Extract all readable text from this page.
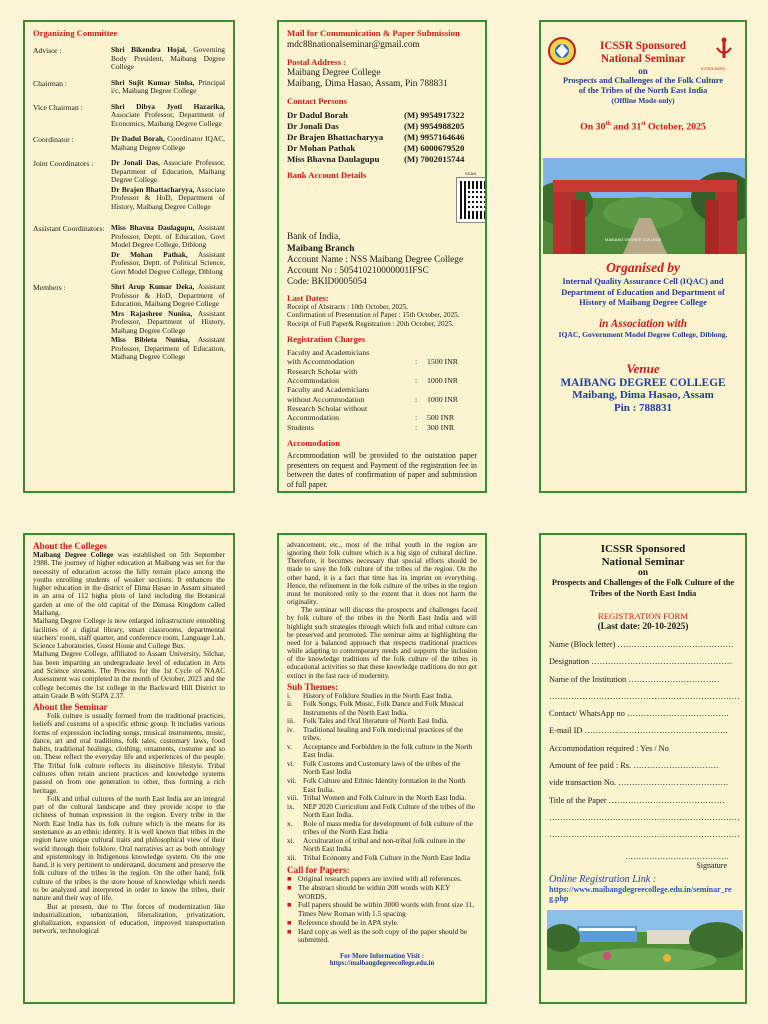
Organizing Committee
Advisor :	Shri Bikendra Hojai, Governing Body President, Maibang Degree College
Chairman :	Shri Sujit Kumar Sinha, Principal i/c, Maibang Degree College
Vice Chairman :	Shri Dibya Jyoti Hazarika, Associate Professor, Department of Economics, Maibang Degree College
Coordinator :	Dr Dadul Borah, Coordinator IQAC, Maibang Degree College
Joint Coordinators :	Dr Jonali Das, Associate Professor, Department of Education, Maibang Degree College
Dr Brajen Bhattacharyya, Associate Professor & HoD, Department of History, Maibang Degree College
Assistant Coordinators: Miss Bhavna Daulagupu, Assistant Professor, Deptt. of Education, Govt Model Degree College, Diblong
Dr Mohan Pathak, Assistant Professor, Deptt. of Political Science, Govt Model Degree College, Diblong
Members :	Shri Arup Kumar Deka, Assistant Professor & HoD, Department of Education, Maibang Degree College
Mrs Rajashree Nunisa, Assistant Professor, Department of History, Maibang Degree College
Miss Bibieta Nunisa, Assistant Professor, Department of Education, Maibang Degree College
Mail for Communication & Paper Submission
mdc88nationalseminar@gmail.com
Postal Address :
Maibang Degree College
Maibang, Dima Hasao, Assam, Pin 788831
Contact Persons
Dr Dadul Borah	(M) 9954917322
Dr Jonali Das	(M) 9954988205
Dr Brajen Bhattacharyya	(M) 9957164646
Dr Mohan Pathak	(M) 6000679520
Miss Bhavna Daulagupu	(M) 7002015744
Bank Account Details	SCAN
Bank of India,
Maibang Branch
Account Name : NSS Maibang Degree College
Account No : 505410210000001IFSC
Code: BKID0005054
Last Dates:
Receipt of Abstracts : 10th October, 2025.
Confirmation of Presentation of Paper : 15th October, 2025.
Receipt of Full Paper& Registration : 20th October, 2025.
Registration Charges
Faculty and Academicians
with Accommodation	:	1500 INR
Research Scholar with
Accommodation	:	1000 INR
Faculty and Academicians
without Accommodation	:	1000 INR
Research Scholar without
Accommodation	:	500 INR
Students	:	300 INR
Accomodation
Accommodation will be provided to the outstation paper presenters on request and Payment of the registration fee in between the dates of confirmation of paper and submission of full paper.
ICSSR-NERC
ICSSR Sponsored
National Seminar
on
Prospects and Challenges of the Folk Culture
of the Tribes of the North East India
(Offline Mode only)
On 30th and 31st October, 2025
MAIBANG DEGREE COLLEGE
Organised by
Internal Quality Assurance Cell (IQAC) and Department of Education and Department of History of Maibang Degree College
in Association with
IQAC, Government Model Degree College, Diblong.
Venue
MAIBANG DEGREE COLLEGE
Maibang, Dima Hasao, Assam
Pin : 788831
About the Colleges
Maibang Degree College was established on 5th September 1988. The journey of higher education at Maibang was set for the necessity of education across the hilly terrain place among the youths enrolling students of weaker sections. It enhances the higher education in the district of Dima Hasao in Assam situated in an area of 112 bigha plots of land including the Botanical garden at one of the old capital of the Dimasa Kingdom called Maibang.
Maibang Degree College is now enlarged infrastructure ennobling facilities of a digital library, smart classrooms, departmental teachers' room, staff quarter, and conference room, Language Lab, Science Laboratories, Guest House and College Bus.
Maibang Degree College, affiliated to Assam University, Silchar, has been imparting an undergraduate level of education in Arts and Science streams. The Process for the 1st Cycle of NAAC Assessment was completed in the month of October, 2023 and the college becomes the 1st college in the Backward Hill District to attain Grade B with SGPA 2.37.
About the Seminar
Folk culture is usually formed from the traditional practices, beliefs and customs of a specific ethnic group. It includes various forms of expression including songs, musical instruments, music, dance, art and oral traditions, folk tales, customary laws, food habits, traditional healings, clothing, ornaments, costume and so on. These reflect the everyday life and experiences of the people. The Tribal folk culture reflects its distinctive lifestyle. Tribal cultures often retain ancient practices and knowledge systems passed on from one generation to other, thus forming a rich heritage.
Folk and tribal cultures of the north East India are an integral part of the cultural landscape and they provide scope to the richness of human expression in the region. Every tribe in the North East India has its folk culture which is the means for its sustenance as an ethnic identity. It is well known that tribes in the region have unique cultural traits and philosophical view of their world through their folklore. Oral narratives act as both ontology and epistemology in Indigenous knowledge system. On the one hand, it is very pertinent to understand, document and preserve the folk culture of the tribes in the region. On the other hand, folk culture of the tribes is the store house of knowledge which needs to be analyzed and interpreted in order to know the tribes, their nature and their way of life.
But at present, due to The forces of modernization like industrialization, urbanization, liberalization, privatization, globalization, expansion of education, improved transportation network, technological
advancement, etc., most of the tribal youth in the region are ignoring their folk culture which is a big sign of cultural decline. Therefore, it becomes necessary that special efforts should be made to save the folk culture of the tribes of the region. On the other hand, it is a fact that time has its imprint on everything. Hence, the refinement in the folk culture of the tribes in the region must be monitored only to the extent that it does not harm the originality.
The seminar will discuss the prospects and challenges faced by folk culture of the tribes in the North East India and will highlight such strategies through which folk and tribal culture can be preserved and promoted. The seminar aims at highlighting the need for a balanced approach that respects traditional practices while adapting to contemporary needs and supports the inclusion of the knowledge traditions of the folk culture of the tribes in educational activities so that these knowledge traditions do not get extinct in the fast race of modernity.
Sub Themes:
i.	History of Folklore Studies in the North East India.
ii.	Folk Songs, Folk Music, Folk Dance and Folk Musical Instruments of the North East India.
iii.	Folk Tales and Oral literature of North East India.
iv.	Traditional healing and Folk medicinal practices of the tribes.
v.	Acceptance and Forbidden in the folk culture in the North East India.
vi.	Folk Customs and Customary laws of the tribes of the North East India
vii. Folk Culture and Ethnic Identity formation in the North East India.
viii. Tribal Women and Folk Culture in the North East India.
ix.	NEP 2020 Curriculum and Folk Culture of the tribes of the North East India.
x.	Role of mass media for development of folk culture of the tribes of the North East India
xi.	Acculturation of tribal and non-tribal folk culture in the North East India
xii. Tribal Economy and Folk Culture in the North East India
Call for Papers:
■ Original research papers are invited with all references.
■ The abstract should be within 200 words with KEY WORDS.
■ Full papers should be within 3000 words with front size 11, Times New Roman with 1.5 spacing
■ Reference should be in APA style.
■ Hard copy as well as the soft copy of the paper should be submitted.
For More Information Visit :
https://maibangdegreecollege.edu.in
ICSSR Sponsored
National Seminar
on
Prospects and Challenges of the Folk Culture of the Tribes of the North East India
REGISTRATION FORM
(Last date: 20-10-2025)
Name (Block letter) ……………………………………
Designation ……………………………………………
Name of the Institution ……………………………
……………………………………………………………
Contact/ WhatsApp no ……………………………….
E-mail ID …………………………………………….
Accommodation required : Yes / No
Amount of fee paid : Rs. ………………………….
vide transaction No. ………………………………….
Title of the Paper ……………………………………
……………………………………………………………
……………………………………………………………
…………………………………
Signature
Online Registration Link :
https://www.maibangdegreecollege.edu.in/seminar_reg.php
